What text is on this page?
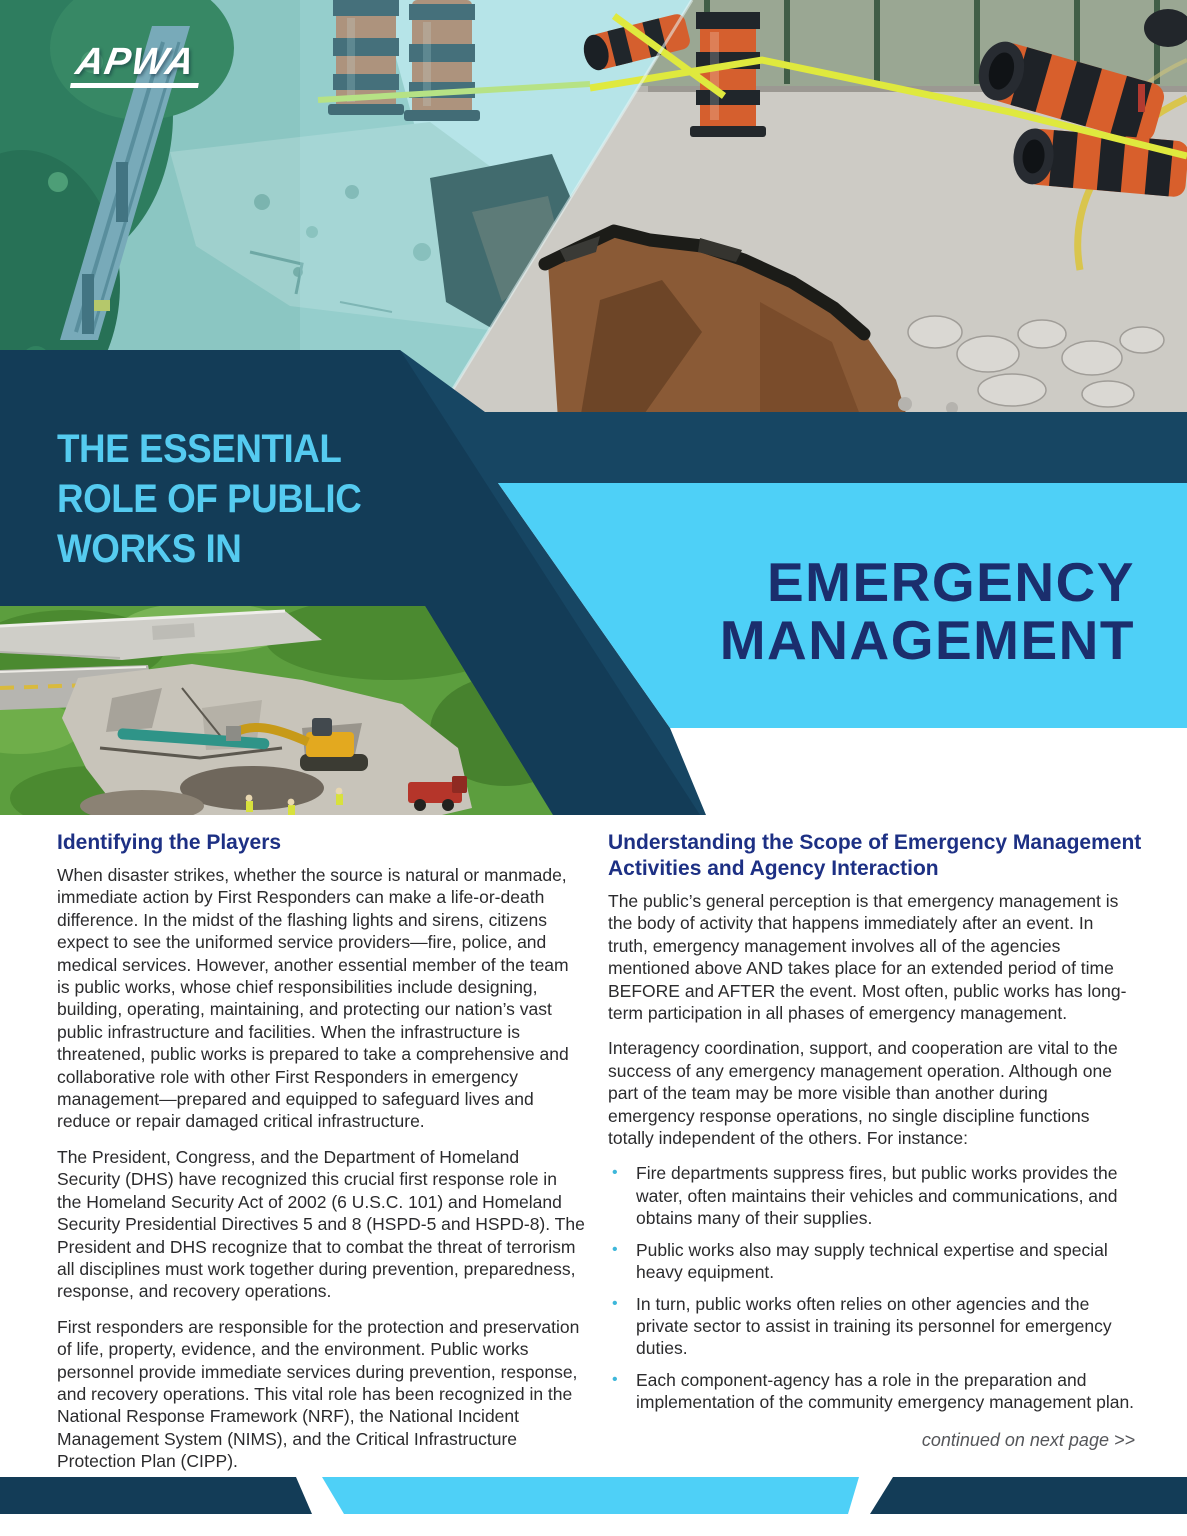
APWA
THE ESSENTIAL
ROLE OF PUBLIC
WORKS IN
EMERGENCY
MANAGEMENT
Identifying the Players

When disaster strikes, whether the source is natural or manmade, immediate action by First Responders can make a life-or-death difference. In the midst of the flashing lights and sirens, citizens expect to see the uniformed service providers—fire, police, and medical services. However, another essential member of the team is public works, whose chief responsibilities include designing, building, operating, maintaining, and protecting our nation’s vast public infrastructure and facilities. When the infrastructure is threatened, public works is prepared to take a comprehensive and collaborative role with other First Responders in emergency management—prepared and equipped to safeguard lives and reduce or repair damaged critical infrastructure.

The President, Congress, and the Department of Homeland Security (DHS) have recognized this crucial first response role in the Homeland Security Act of 2002 (6 U.S.C. 101) and Homeland Security Presidential Directives 5 and 8 (HSPD-5 and HSPD-8). The President and DHS recognize that to combat the threat of terrorism all disciplines must work together during prevention, preparedness, response, and recovery operations.

First responders are responsible for the protection and preservation of life, property, evidence, and the environment. Public works personnel provide immediate services during prevention, response, and recovery operations. This vital role has been recognized in the National Response Framework (NRF), the National Incident Management System (NIMS), and the Critical Infrastructure Protection Plan (CIPP).

Understanding the Scope of Emergency Management
Activities and Agency Interaction

The public’s general perception is that emergency management is the body of activity that happens immediately after an event. In truth, emergency management involves all of the agencies mentioned above AND takes place for an extended period of time BEFORE and AFTER the event. Most often, public works has long-term participation in all phases of emergency management.

Interagency coordination, support, and cooperation are vital to the success of any emergency management operation. Although one part of the team may be more visible than another during emergency response operations, no single discipline functions totally independent of the others. For instance:

•	Fire departments suppress fires, but public works provides the water, often maintains their vehicles and communications, and obtains many of their supplies.
•	Public works also may supply technical expertise and special heavy equipment.
•	In turn, public works often relies on other agencies and the private sector to assist in training its personnel for emergency duties.
•	Each component-agency has a role in the preparation and implementation of the community emergency management plan.
continued on next page >>
